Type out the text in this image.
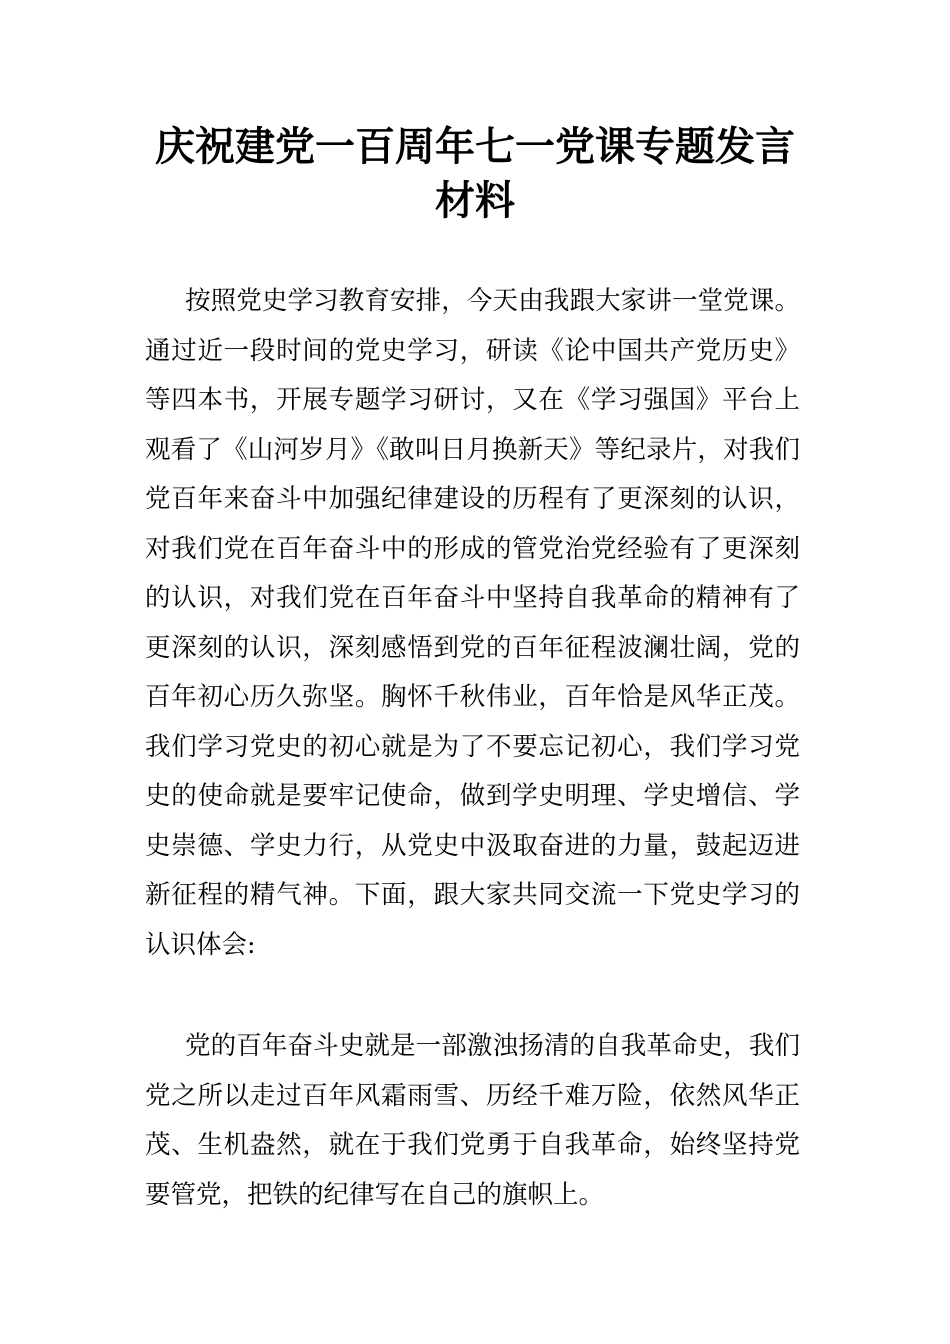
庆祝建党一百周年七一党课专题发言材料

按照党史学习教育安排，今天由我跟大家讲一堂党课。通过近一段时间的党史学习，研读《论中国共产党历史》等四本书，开展专题学习研讨，又在《学习强国》平台上观看了《山河岁月》《敢叫日月换新天》等纪录片，对我们党百年来奋斗中加强纪律建设的历程有了更深刻的认识，对我们党在百年奋斗中的形成的管党治党经验有了更深刻的认识，对我们党在百年奋斗中坚持自我革命的精神有了更深刻的认识，深刻感悟到党的百年征程波澜壮阔，党的百年初心历久弥坚。胸怀千秋伟业，百年恰是风华正茂。我们学习党史的初心就是为了不要忘记初心，我们学习党史的使命就是要牢记使命，做到学史明理、学史增信、学史崇德、学史力行，从党史中汲取奋进的力量，鼓起迈进新征程的精气神。下面，跟大家共同交流一下党史学习的认识体会:

党的百年奋斗史就是一部激浊扬清的自我革命史，我们党之所以走过百年风霜雨雪、历经千难万险，依然风华正茂、生机盎然，就在于我们党勇于自我革命，始终坚持党要管党，把铁的纪律写在自己的旗帜上。
